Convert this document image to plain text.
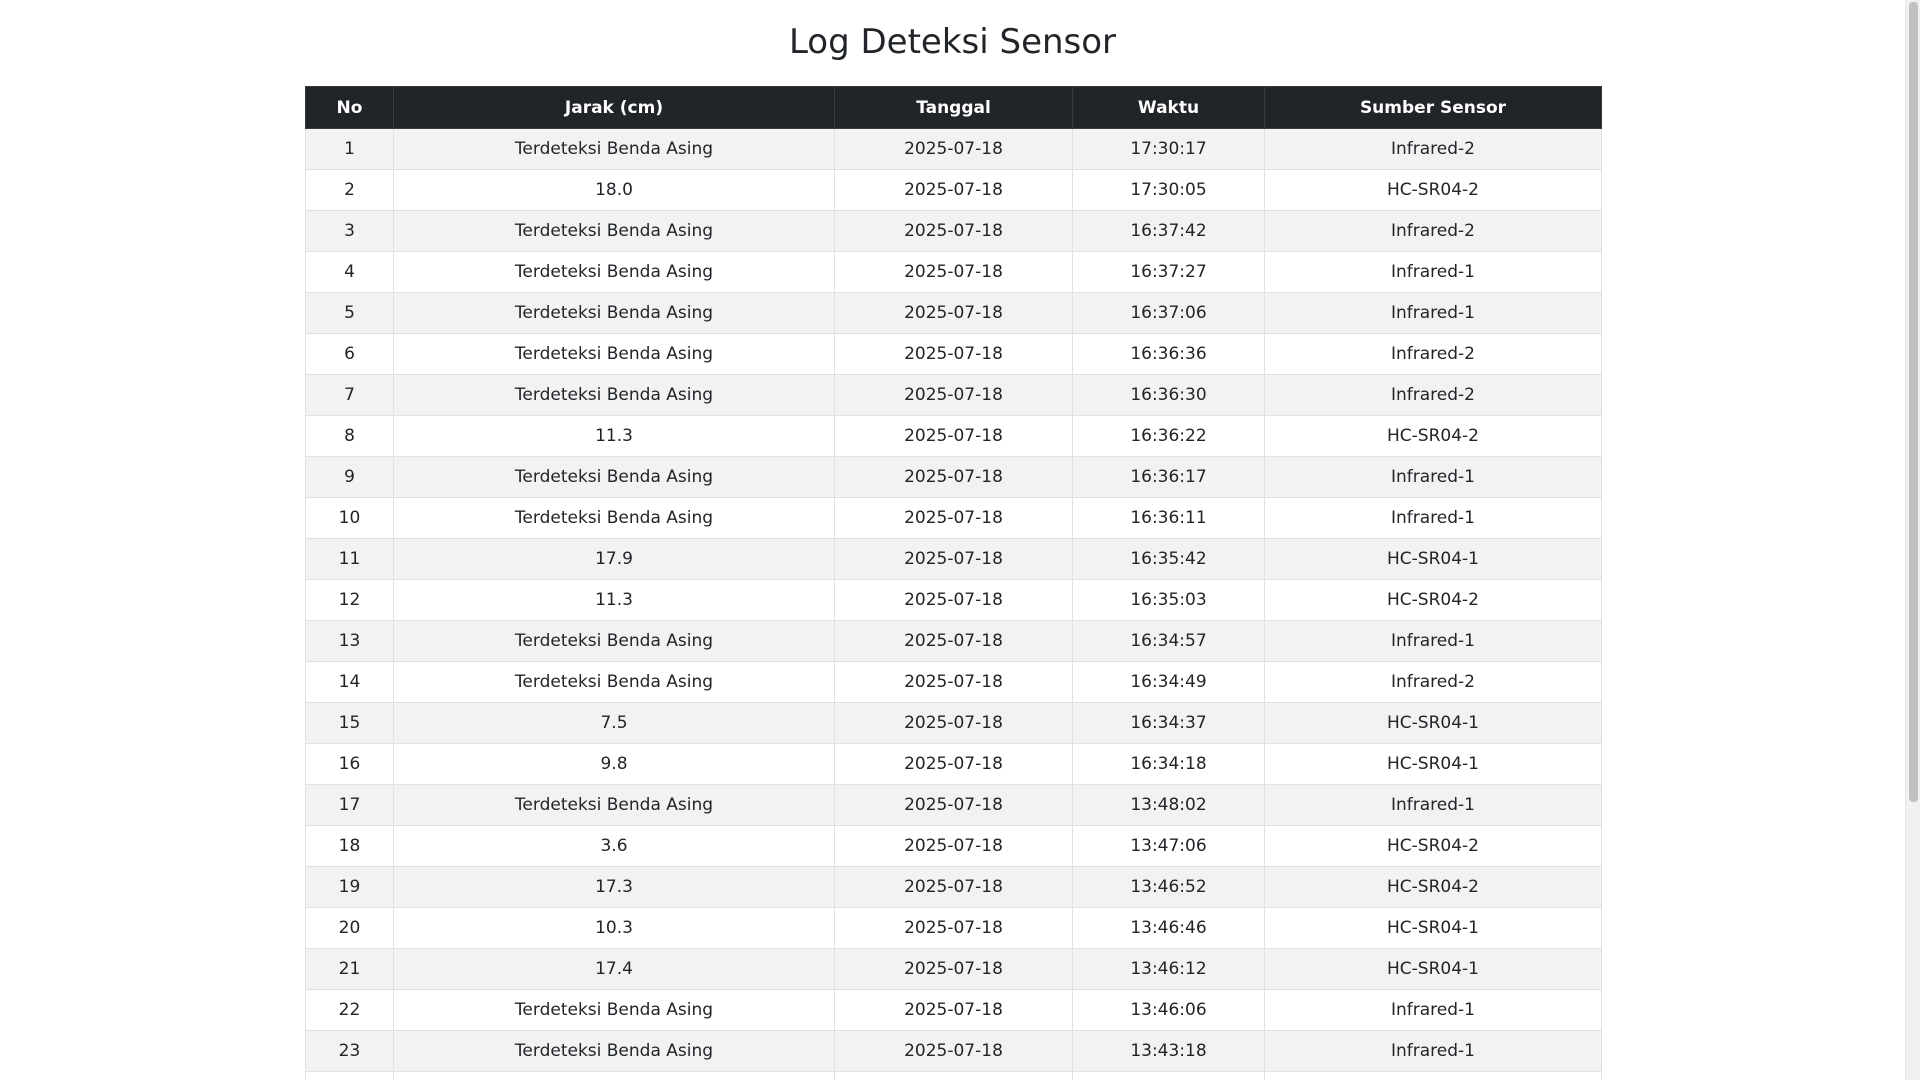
Log Deteksi Sensor
No	Jarak (cm)	Tanggal	Waktu	Sumber Sensor
1	Terdeteksi Benda Asing	2025-07-18	17:30:17	Infrared-2
2	18.0	2025-07-18	17:30:05	HC-SR04-2
3	Terdeteksi Benda Asing	2025-07-18	16:37:42	Infrared-2
4	Terdeteksi Benda Asing	2025-07-18	16:37:27	Infrared-1
5	Terdeteksi Benda Asing	2025-07-18	16:37:06	Infrared-1
6	Terdeteksi Benda Asing	2025-07-18	16:36:36	Infrared-2
7	Terdeteksi Benda Asing	2025-07-18	16:36:30	Infrared-2
8	11.3	2025-07-18	16:36:22	HC-SR04-2
9	Terdeteksi Benda Asing	2025-07-18	16:36:17	Infrared-1
10	Terdeteksi Benda Asing	2025-07-18	16:36:11	Infrared-1
11	17.9	2025-07-18	16:35:42	HC-SR04-1
12	11.3	2025-07-18	16:35:03	HC-SR04-2
13	Terdeteksi Benda Asing	2025-07-18	16:34:57	Infrared-1
14	Terdeteksi Benda Asing	2025-07-18	16:34:49	Infrared-2
15	7.5	2025-07-18	16:34:37	HC-SR04-1
16	9.8	2025-07-18	16:34:18	HC-SR04-1
17	Terdeteksi Benda Asing	2025-07-18	13:48:02	Infrared-1
18	3.6	2025-07-18	13:47:06	HC-SR04-2
19	17.3	2025-07-18	13:46:52	HC-SR04-2
20	10.3	2025-07-18	13:46:46	HC-SR04-1
21	17.4	2025-07-18	13:46:12	HC-SR04-1
22	Terdeteksi Benda Asing	2025-07-18	13:46:06	Infrared-1
23	Terdeteksi Benda Asing	2025-07-18	13:43:18	Infrared-1
